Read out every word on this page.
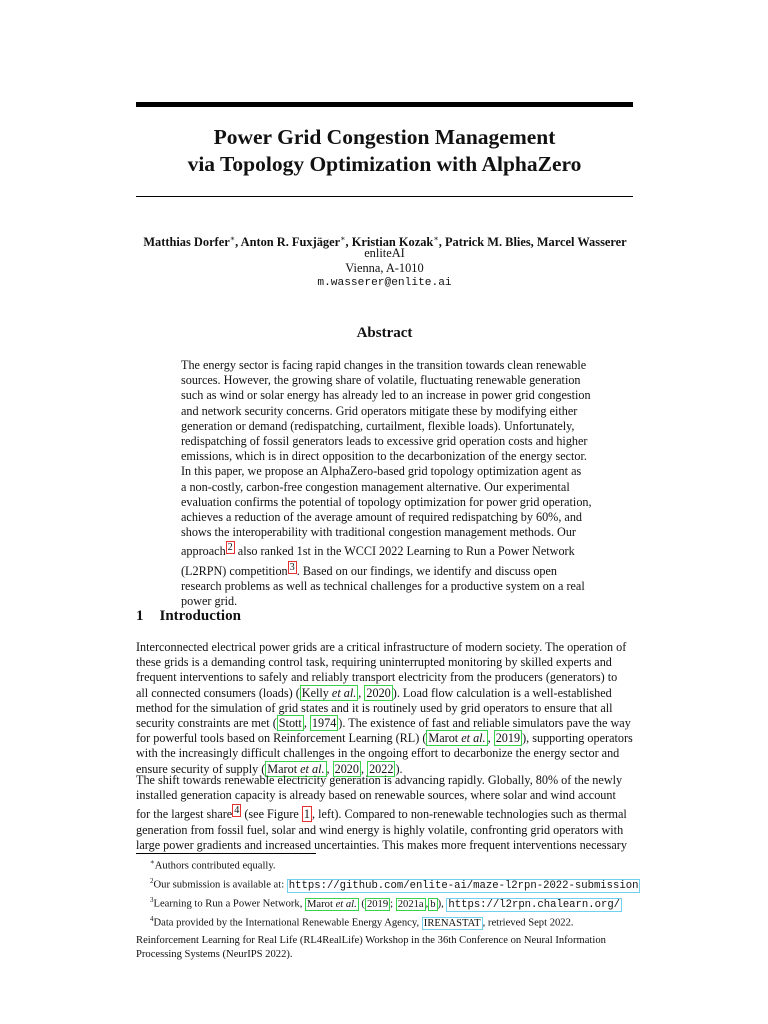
Power Grid Congestion Management
via Topology Optimization with AlphaZero
Matthias Dorfer∗, Anton R. Fuxjäger∗, Kristian Kozak∗, Patrick M. Blies, Marcel Wasserer
enliteAI
Vienna, A-1010
m.wasserer@enlite.ai
Abstract
The energy sector is facing rapid changes in the transition towards clean renewable
sources. However, the growing share of volatile, fluctuating renewable generation
such as wind or solar energy has already led to an increase in power grid congestion
and network security concerns. Grid operators mitigate these by modifying either
generation or demand (redispatching, curtailment, flexible loads). Unfortunately,
redispatching of fossil generators leads to excessive grid operation costs and higher
emissions, which is in direct opposition to the decarbonization of the energy sector.
In this paper, we propose an AlphaZero-based grid topology optimization agent as
a non-costly, carbon-free congestion management alternative. Our experimental
evaluation confirms the potential of topology optimization for power grid operation,
achieves a reduction of the average amount of required redispatching by 60%, and
shows the interoperability with traditional congestion management methods. Our
approach $^2$ also ranked 1st in the WCCI 2022 Learning to Run a Power Network
(L2RPN) competition $^3$ . Based on our findings, we identify and discuss open
research problems as well as technical challenges for a productive system on a real
power grid.
1 Introduction
Interconnected electrical power grids are a critical infrastructure of modern society. The operation of
these grids is a demanding control task, requiring uninterrupted monitoring by skilled experts and
frequent interventions to safely and reliably transport electricity from the producers (generators) to
all connected consumers (loads) ( Kelly et al. , 2020 ). Load flow calculation is a well-established
method for the simulation of grid states and it is routinely used by grid operators to ensure that all
security constraints are met ( Stott , 1974 ). The existence of fast and reliable simulators pave the way
for powerful tools based on Reinforcement Learning (RL) ( Marot et al. , 2019 ), supporting operators
with the increasingly difficult challenges in the ongoing effort to decarbonize the energy sector and
ensure security of supply ( Marot et al. , 2020 , 2022 ).
The shift towards renewable electricity generation is advancing rapidly. Globally, 80% of the newly
installed generation capacity is already based on renewable sources, where solar and wind account
for the largest share $^4$ (see Figure 1 , left). Compared to non-renewable technologies such as thermal
generation from fossil fuel, solar and wind energy is highly volatile, confronting grid operators with
large power gradients and increased uncertainties. This makes more frequent interventions necessary
∗Authors contributed equally.
$^2$Our submission is available at: https://github.com/enlite-ai/maze-l2rpn-2022-submission
$^3$Learning to Run a Power Network, Marot et al. ( 2019 ; 2021a , b ), https://l2rpn.chalearn.org/
$^4$Data provided by the International Renewable Energy Agency, IRENASTAT , retrieved Sept 2022.
Reinforcement Learning for Real Life (RL4RealLife) Workshop in the 36th Conference on Neural Information
Processing Systems (NeurIPS 2022).
